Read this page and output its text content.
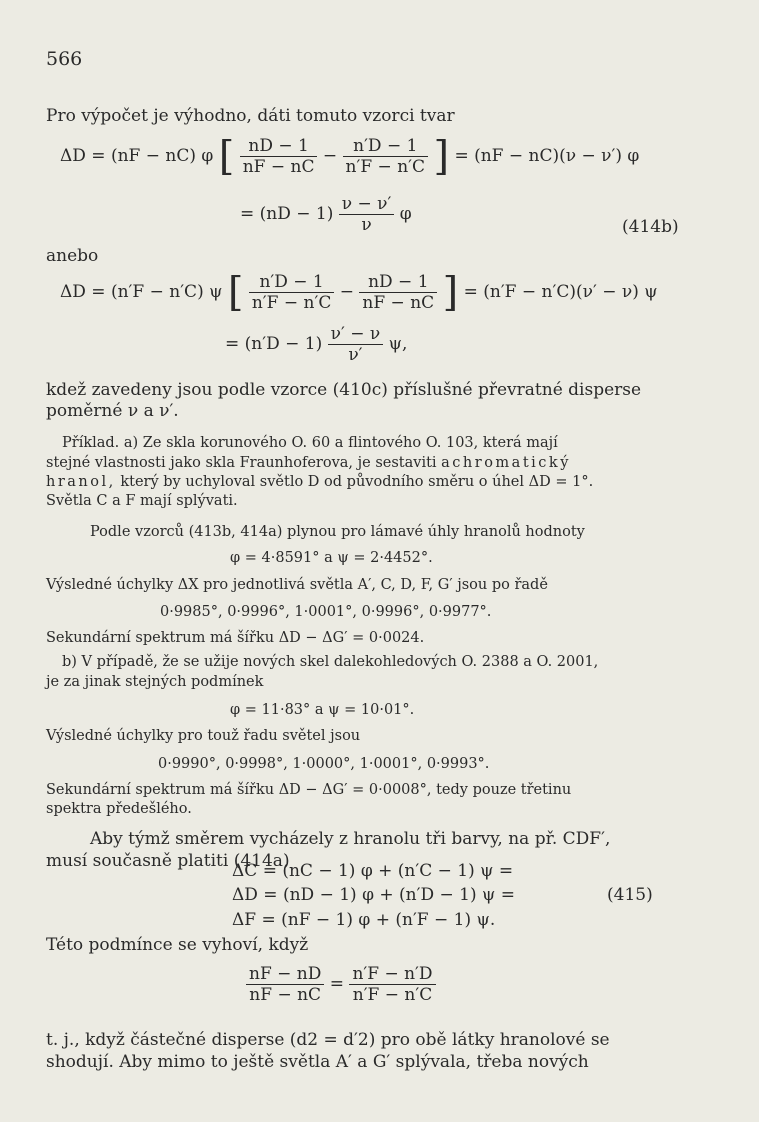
566
Pro výpočet je výhodno, dáti tomuto vzorci tvar
ΔD = (nF − nC) φ [ $\frac{nD - 1}{nF - nC} - \frac{n'D - 1}{n'F - n'C}$ ] = (nF − nC)(ν − ν′) φ
= $(nD - 1) \frac{\nu - \nu'}{\nu}$ φ
(414b)
anebo
ΔD = (n′F − n′C) ψ [ $\frac{n'D - 1}{n'F - n'C} - \frac{nD - 1}{nF - nC}$ ] = (n′F − n′C)(ν′ − ν) ψ
= $(n'D - 1) \frac{\nu' - \nu}{\nu'} \psi$,
kdež zavedeny jsou podle vzorce (410c) příslušné převratné disperse
poměrné ν a ν′.
Příklad. a) Ze skla korunového O. 60 a flintového O. 103, která mají
stejné vlastnosti jako skla Fraunhoferova, je sestaviti achromatický
hranol, který by uchyloval světlo D od původního směru o úhel ΔD = 1°.
Světla C a F mají splývati.
Podle vzorců (413b, 414a) plynou pro lámavé úhly hranolů hodnoty
φ = 4·8591° a ψ = 2·4452°.
Výsledné úchylky ΔX pro jednotlivá světla A′, C, D, F, G′ jsou po řadě
0·9985°, 0·9996°, 1·0001°, 0·9996°, 0·9977°.
Sekundární spektrum má šířku ΔD − ΔG′ = 0·0024.
b) V případě, že se užije nových skel dalekohledových O. 2388 a O. 2001,
je za jinak stejných podmínek
φ = 11·83° a ψ = 10·01°.
Výsledné úchylky pro touž řadu světel jsou
0·9990°, 0·9998°, 1·0000°, 1·0001°, 0·9993°.
Sekundární spektrum má šířku ΔD − ΔG′ = 0·0008°, tedy pouze třetinu
spektra předešlého.
Aby týmž směrem vycházely z hranolu tři barvy, na př. CDF′,
musí současně platiti (414a)
ΔC = (nC − 1) φ + (n′C − 1) ψ =
ΔD = (nD − 1) φ + (n′D − 1) ψ =
ΔF = (nF − 1) φ + (n′F − 1) ψ.
(415)
Této podmínce se vyhoví, když
$\frac{nF - nD}{nF - nC} = \frac{n'F - n'D}{n'F - n'C}$
t. j., když částečné disperse (d2 = d′2) pro obě látky hranolové se
shodují. Aby mimo to ještě světla A′ a G′ splývala, třeba nových
